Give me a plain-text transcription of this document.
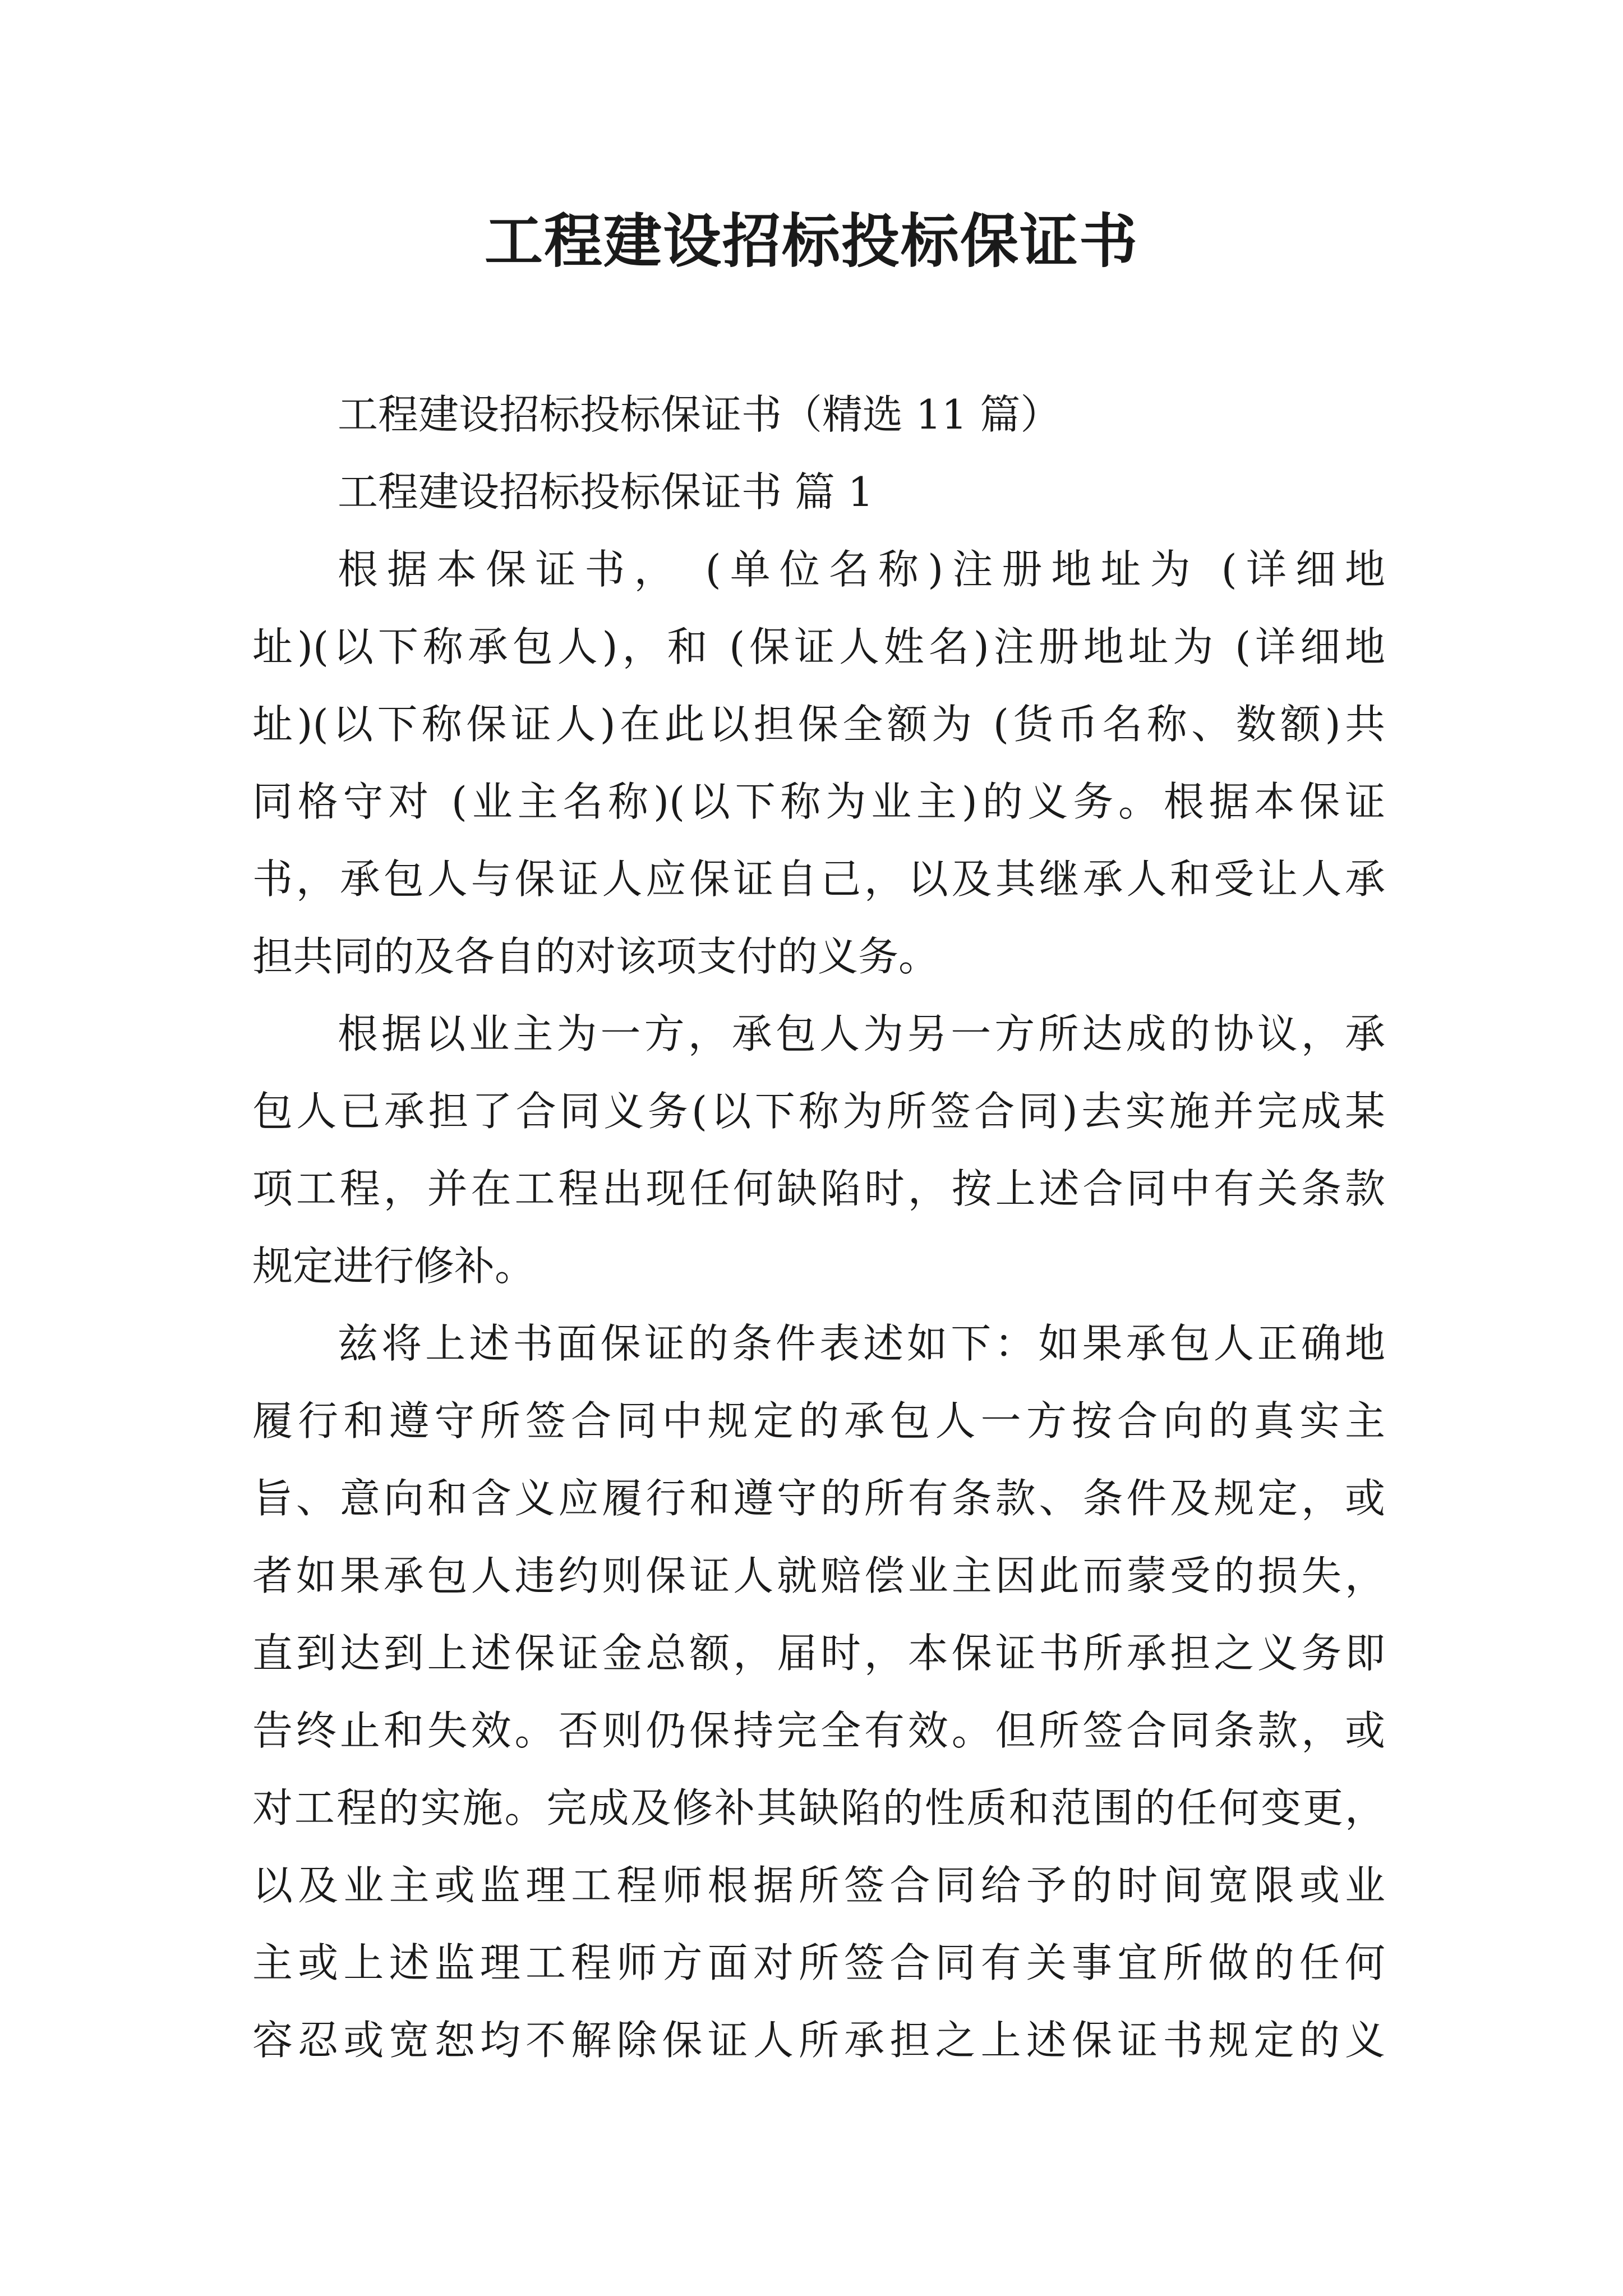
工程建设招标投标保证书
工程建设招标投标保证书（精选 11 篇）
工程建设招标投标保证书 篇 1
根据本保证书， (单位名称)注册地址为 (详细地
址)(以下称承包人)，和 (保证人姓名)注册地址为 (详细地
址)(以下称保证人)在此以担保全额为 (货币名称、数额)共
同格守对 (业主名称)(以下称为业主)的义务。根据本保证
书，承包人与保证人应保证自己，以及其继承人和受让人承
担共同的及各自的对该项支付的义务。
根据以业主为一方，承包人为另一方所达成的协议，承
包人已承担了合同义务(以下称为所签合同)去实施并完成某
项工程，并在工程出现任何缺陷时，按上述合同中有关条款
规定进行修补。
兹将上述书面保证的条件表述如下：如果承包人正确地
履行和遵守所签合同中规定的承包人一方按合向的真实主
旨、意向和含义应履行和遵守的所有条款、条件及规定，或
者如果承包人违约则保证人就赔偿业主因此而蒙受的损失，
直到达到上述保证金总额，届时，本保证书所承担之义务即
告终止和失效。否则仍保持完全有效。但所签合同条款，或
对工程的实施。完成及修补其缺陷的性质和范围的任何变更，
以及业主或监理工程师根据所签合同给予的时间宽限或业
主或上述监理工程师方面对所签合同有关事宜所做的任何
容忍或宽恕均不解除保证人所承担之上述保证书规定的义
